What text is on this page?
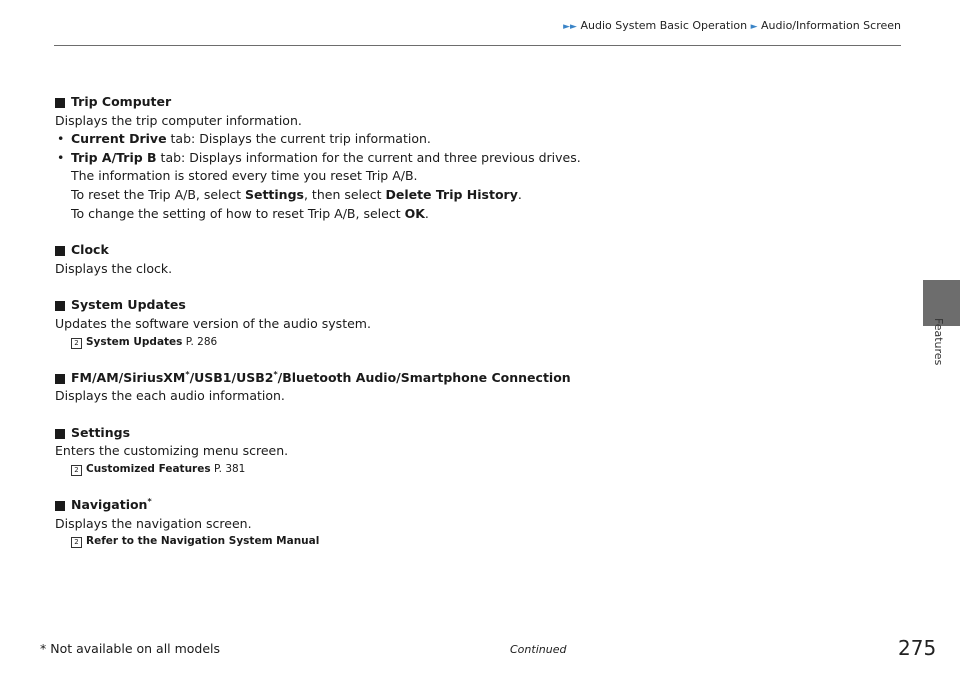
►► Audio System Basic Operation ► Audio/Information Screen
Features
Trip Computer

Displays the trip computer information.

• Current Drive tab: Displays the current trip information.
• Trip A/Trip B tab: Displays information for the current and three previous drives.
The information is stored every time you reset Trip A/B.
To reset the Trip A/B, select Settings, then select Delete Trip History.
To change the setting of how to reset Trip A/B, select OK.
Clock

Displays the clock.

System Updates

Updates the software version of the audio system.

2 System Updates P. 286
FM/AM/SiriusXM*/USB1/USB2*/Bluetooth Audio/Smartphone Connection

Displays the each audio information.

Settings

Enters the customizing menu screen.

2 Customized Features P. 381
Navigation*

Displays the navigation screen.

2 Refer to the Navigation System Manual
* Not available on all models	Continued	275
